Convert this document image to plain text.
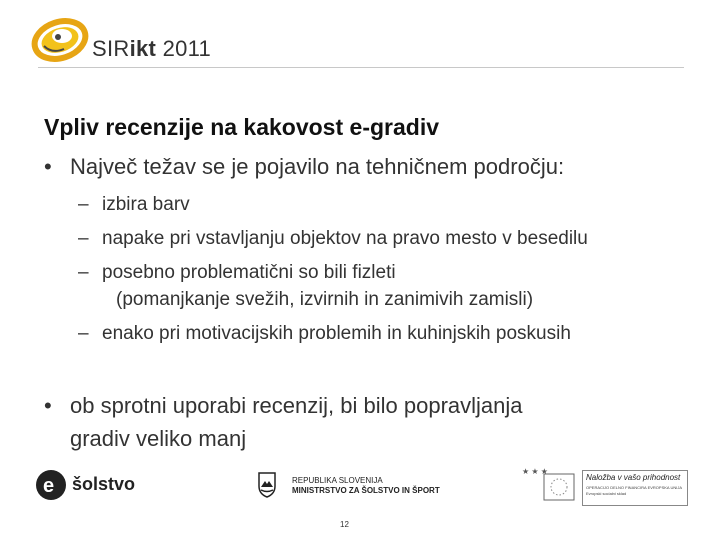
SIRikt 2011
Vpliv recenzije na kakovost e-gradiv
• Največ težav se je pojavilo na tehničnem področju:
– izbira barv
– napake pri vstavljanju objektov na pravo mesto v besedilu
– posebno problematični so bili fizleti
(pomanjkanje svežih, izvirnih in zanimivih zamisli)
– enako pri motivacijskih problemih in kuhinjskih poskusih
• ob sprotni uporabi recenzij, bi bilo popravljanja
gradiv veliko manj
e šolstvo	REPUBLIKA SLOVENIJA
MINISTRSTVO ZA ŠOLSTVO IN ŠPORT
★ ★ ★
Naložba v vašo prihodnost
OPERACIJO DELNO FINANCIRA EVROPSKA UNIJA
Evropski socialni sklad
12
